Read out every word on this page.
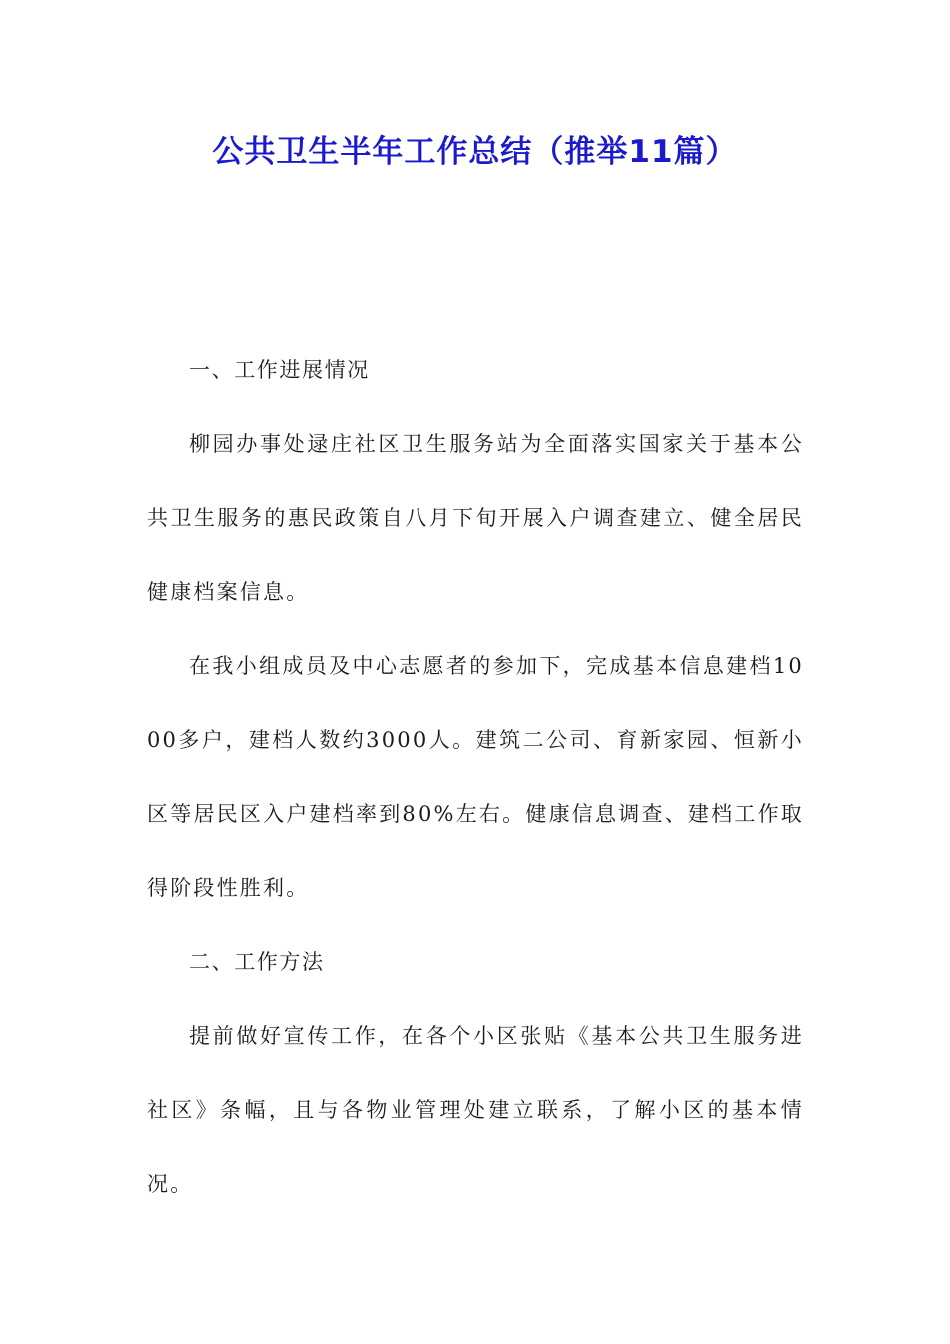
公共卫生半年工作总结（推举11篇）

一、工作进展情况

柳园办事处逯庄社区卫生服务站为全面落实国家关于基本公共卫生服务的惠民政策自八月下旬开展入户调查建立、健全居民健康档案信息。

在我小组成员及中心志愿者的参加下，完成基本信息建档1000多户，建档人数约3000人。建筑二公司、育新家园、恒新小区等居民区入户建档率到80%左右。健康信息调查、建档工作取得阶段性胜利。

二、工作方法

提前做好宣传工作，在各个小区张贴《基本公共卫生服务进社区》条幅，且与各物业管理处建立联系，了解小区的基本情况。
